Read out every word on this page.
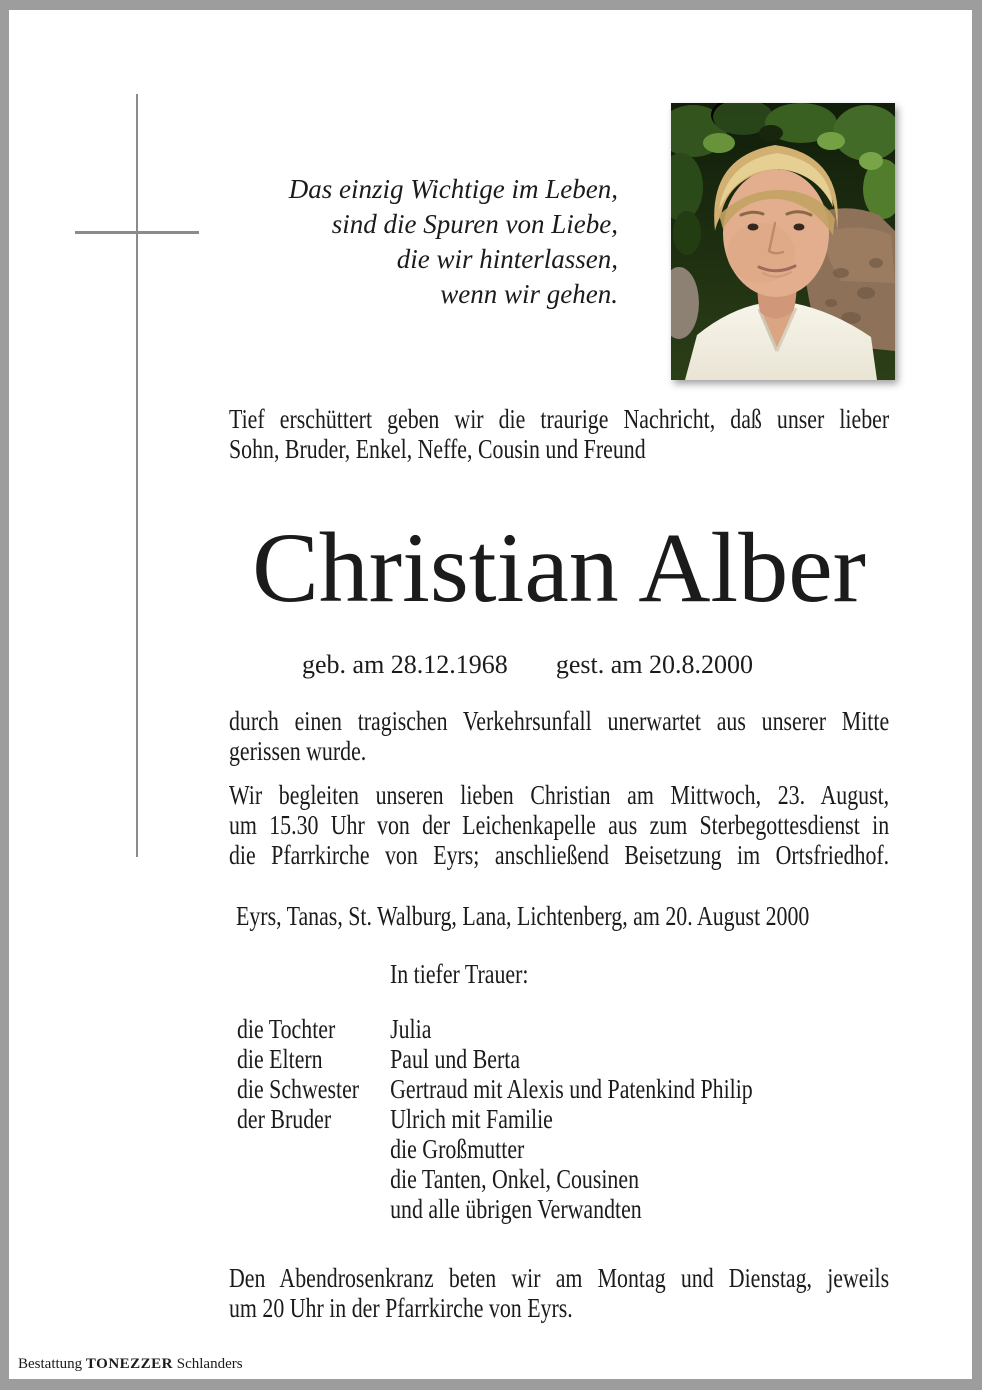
Das einzig Wichtige im Leben,
sind die Spuren von Liebe,
die wir hinterlassen,
wenn wir gehen.
Tief erschüttert geben wir die traurige Nachricht, daß unser lieber
Sohn, Bruder, Enkel, Neffe, Cousin und Freund
Christian Alber
geb. am 28.12.1968 gest. am 20.8.2000
durch einen tragischen Verkehrsunfall unerwartet aus unserer Mitte
gerissen wurde.
Wir begleiten unseren lieben Christian am Mittwoch, 23. August,
um 15.30 Uhr von der Leichenkapelle aus zum Sterbegottesdienst in
die Pfarrkirche von Eyrs; anschließend Beisetzung im Ortsfriedhof.
Eyrs, Tanas, St. Walburg, Lana, Lichtenberg, am 20. August 2000
In tiefer Trauer:
die Tochter	Julia
die Eltern	Paul und Berta
die Schwester	Gertraud mit Alexis und Patenkind Philip
der Bruder	Ulrich mit Familie
die Großmutter
die Tanten, Onkel, Cousinen
und alle übrigen Verwandten
Den Abendrosenkranz beten wir am Montag und Dienstag, jeweils
um 20 Uhr in der Pfarrkirche von Eyrs.
Bestattung TONEZZER Schlanders
